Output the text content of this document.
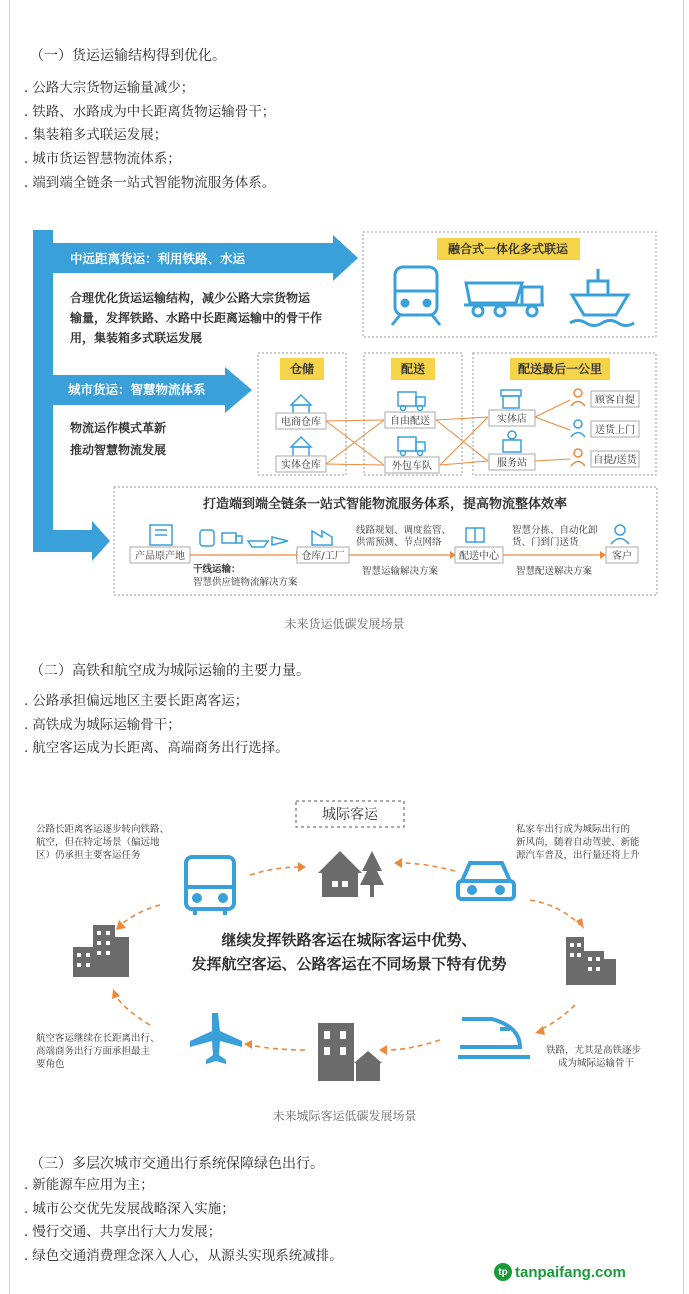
（一）货运运输结构得到优化。
. 公路大宗货物运输量减少；
. 铁路、水路成为中长距离货物运输骨干；
. 集装箱多式联运发展；
. 城市货运智慧物流体系；
. 端到端全链条一站式智能物流服务体系。
中远距离货运：利用铁路、水运
融合式一体化多式联运
合理优化货运运输结构，减少公路大宗货物运
输量，发挥铁路、水路中长距离运输中的骨干作
用，集装箱多式联运发展
城市货运：智慧物流体系
物流运作模式革新
推动智慧物流发展
仓储
电商仓库
实体仓库
配送
自由配送
外包车队
配送最后一公里
实体店
服务站
顾客自提
送货上门
自提/送货
打造端到端全链条一站式智能物流服务体系，提高物流整体效率
产品原产地	仓库/工厂
线路规划、调度监管、
供需预测、节点网络
配送中心
智慧分拣、自动化卸
货、门到门送货
客户
干线运输：
智慧供应链物流解决方案
智慧运输解决方案	智慧配送解决方案
未来货运低碳发展场景
（二）高铁和航空成为城际运输的主要力量。
. 公路承担偏远地区主要长距离客运；
. 高铁成为城际运输骨干；
. 航空客运成为长距离、高端商务出行选择。
城际客运
继续发挥铁路客运在城际客运中优势、
发挥航空客运、公路客运在不同场景下特有优势
公路长距离客运逐步转向铁路、
航空，但在特定场景（偏远地
区）仍承担主要客运任务
私家车出行成为城际出行的
新风尚，随着自动驾驶、新能
源汽车普及，出行量还将上升
航空客运继续在长距离出行、
高端商务出行方面承担最主
要角色
铁路，尤其是高铁逐步
成为城际运输骨干
未来城际客运低碳发展场景
（三）多层次城市交通出行系统保障绿色出行。
. 新能源车应用为主；
. 城市公交优先发展战略深入实施；
. 慢行交通、共享出行大力发展；
. 绿色交通消费理念深入人心，从源头实现系统减排。
tp tanpaifang.com
